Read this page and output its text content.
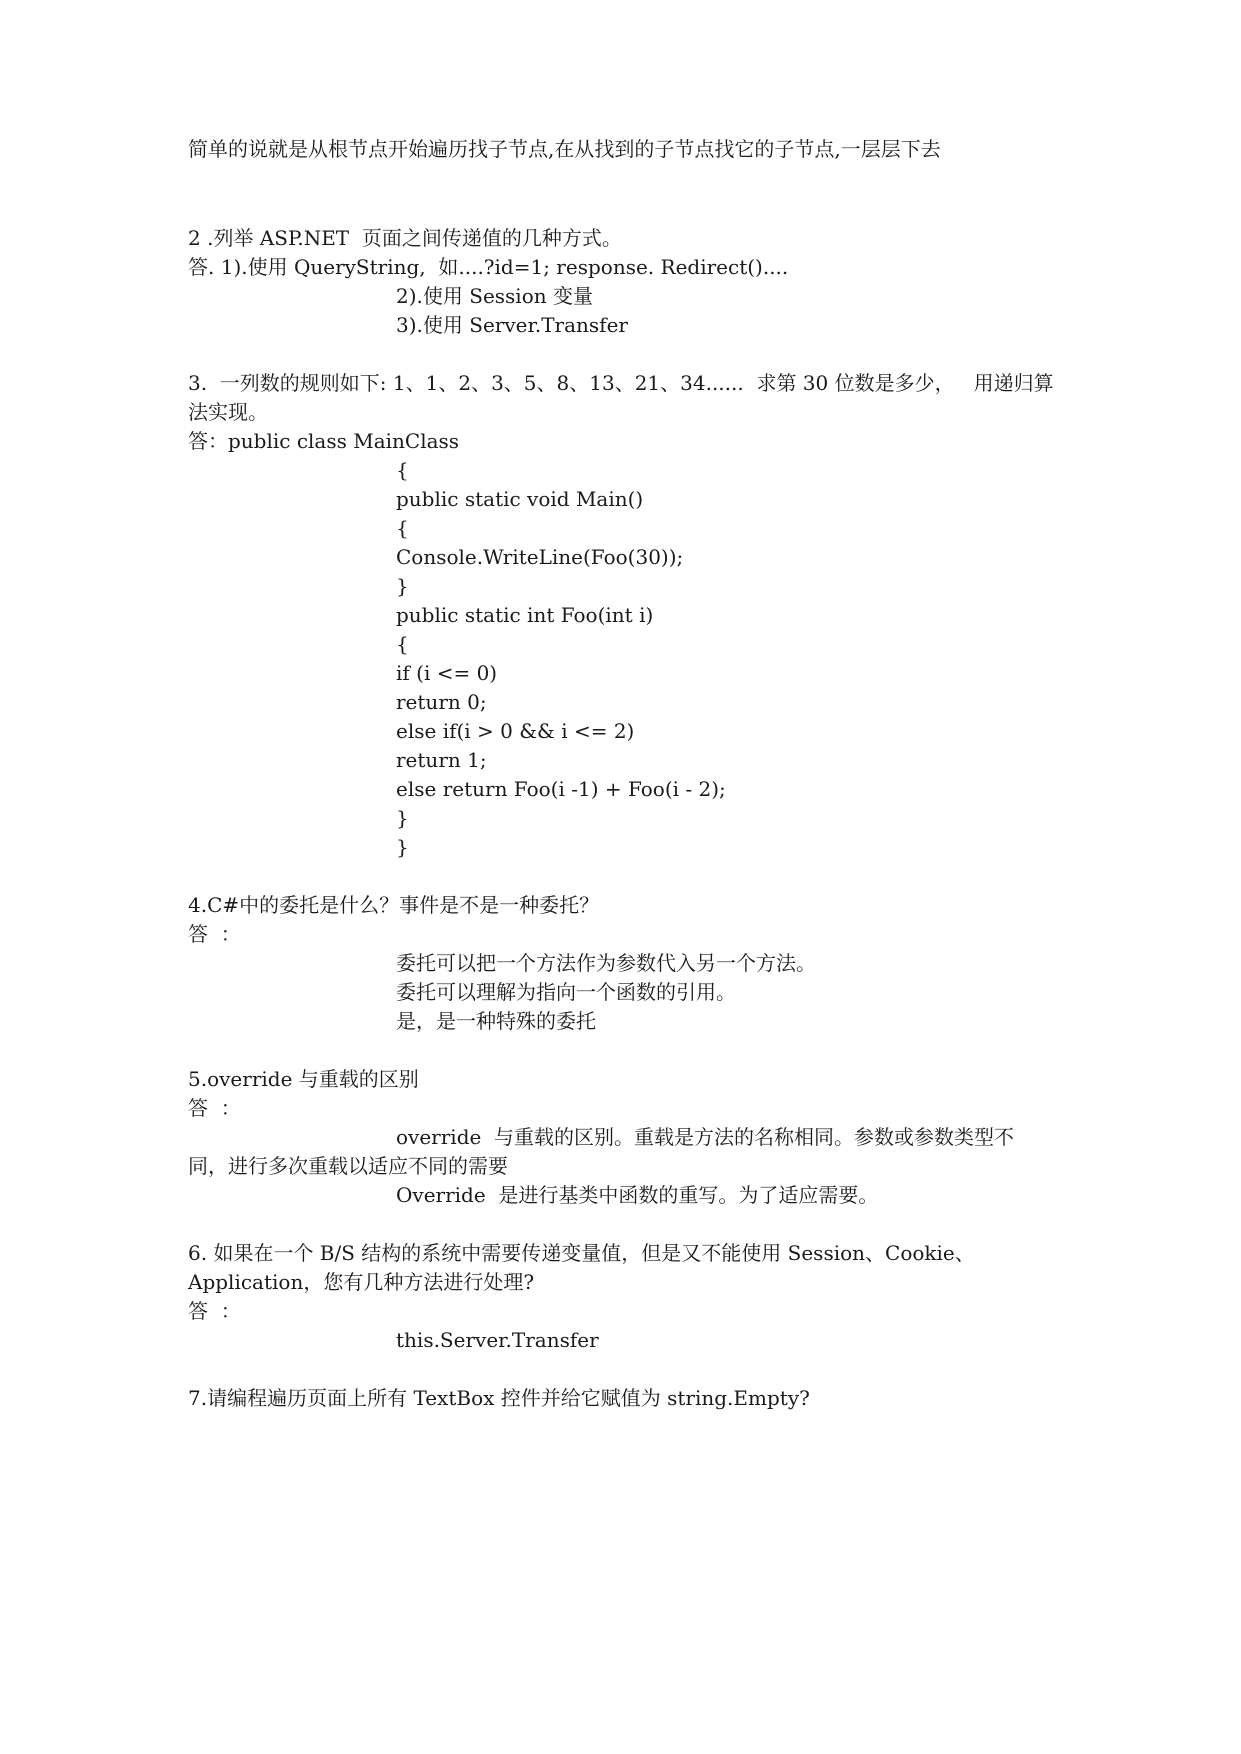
简单的说就是从根节点开始遍历找子节点,在从找到的子节点找它的子节点,一层层下去
2 .列举 ASP.NET  页面之间传递值的几种方式。
答. 1).使用 QueryString,  如....?id=1; response. Redirect()....
2).使用 Session 变量
3).使用 Server.Transfer
3.  一列数的规则如下: 1、1、2、3、5、8、13、21、34......  求第 30 位数是多少，   用递归算
法实现。
答：public class MainClass
{
public static void Main()
{
Console.WriteLine(Foo(30));
}
public static int Foo(int i)
{
if (i <= 0)
return 0;
else if(i > 0 && i <= 2)
return 1;
else return Foo(i -1) + Foo(i - 2);
}
}
4.C#中的委托是什么？事件是不是一种委托？
答  ：
委托可以把一个方法作为参数代入另一个方法。
委托可以理解为指向一个函数的引用。
是，是一种特殊的委托
5.override 与重载的区别
答  ：
override  与重载的区别。重载是方法的名称相同。参数或参数类型不
同，进行多次重载以适应不同的需要
Override  是进行基类中函数的重写。为了适应需要。
6. 如果在一个 B/S 结构的系统中需要传递变量值，但是又不能使用 Session、Cookie、
Application，您有几种方法进行处理?
答  ：
this.Server.Transfer
7.请编程遍历页面上所有 TextBox 控件并给它赋值为 string.Empty?
